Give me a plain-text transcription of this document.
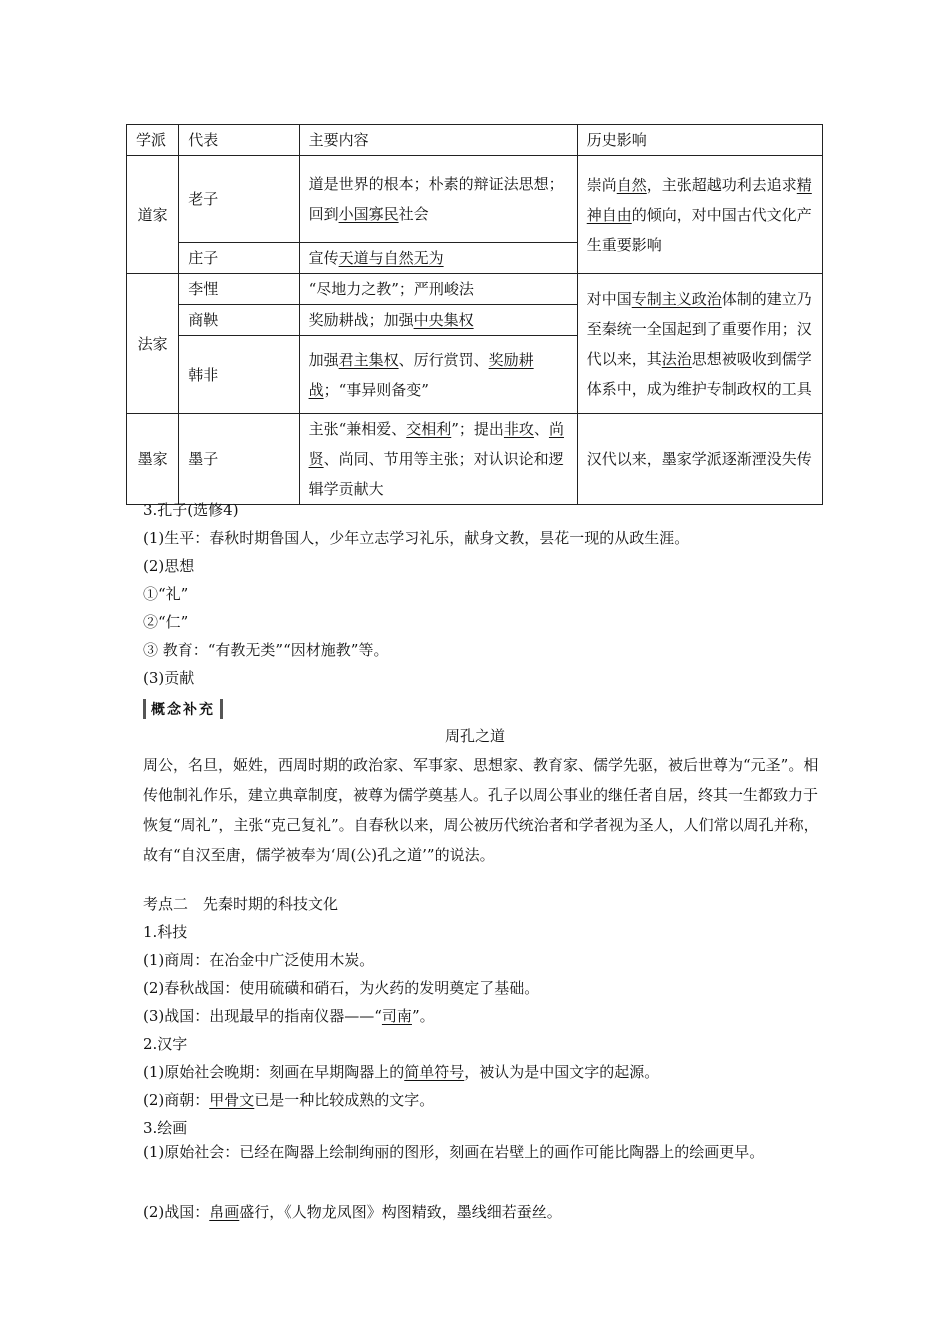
学派	代表	主要内容	历史影响
道家	老子	道是世界的根本；朴素的辩证法思想；回到小国寡民社会	崇尚自然，主张超越功利去追求精神自由的倾向，对中国古代文化产生重要影响
	庄子	宣传天道与自然无为	
法家	李悝	“尽地力之教”；严刑峻法	对中国专制主义政治体制的建立乃至秦统一全国起到了重要作用；汉代以来，其法治思想被吸收到儒学体系中，成为维护专制政权的工具
	商鞅	奖励耕战；加强中央集权	
	韩非	加强君主集权、厉行赏罚、奖励耕战；“事异则备变”	
墨家	墨子	主张“兼相爱、交相利”；提出非攻、尚贤、尚同、节用等主张；对认识论和逻辑学贡献大	汉代以来，墨家学派逐渐湮没失传
3.孔子(选修4)
(1)生平：春秋时期鲁国人，少年立志学习礼乐，献身文教，昙花一现的从政生涯。
(2)思想
①“礼”
②“仁”
③ 教育：“有教无类”“因材施教”等。
(3)贡献
概念补充
周孔之道
周公，名旦，姬姓，西周时期的政治家、军事家、思想家、教育家、儒学先驱，被后世尊为“元圣”。相传他制礼作乐，建立典章制度，被尊为儒学奠基人。孔子以周公事业的继任者自居，终其一生都致力于恢复“周礼”，主张“克己复礼”。自春秋以来，周公被历代统治者和学者视为圣人，人们常以周孔并称，故有“自汉至唐，儒学被奉为‘周(公)孔之道’”的说法。
考点二　先秦时期的科技文化
1.科技
(1)商周：在冶金中广泛使用木炭。
(2)春秋战国：使用硫磺和硝石，为火药的发明奠定了基础。
(3)战国：出现最早的指南仪器——“司南”。
2.汉字
(1)原始社会晚期：刻画在早期陶器上的简单符号，被认为是中国文字的起源。
(2)商朝：甲骨文已是一种比较成熟的文字。
3.绘画
(1)原始社会：已经在陶器上绘制绚丽的图形，刻画在岩壁上的画作可能比陶器上的绘画更早。
(2)战国：帛画盛行，《人物龙凤图》构图精致，墨线细若蚕丝。
